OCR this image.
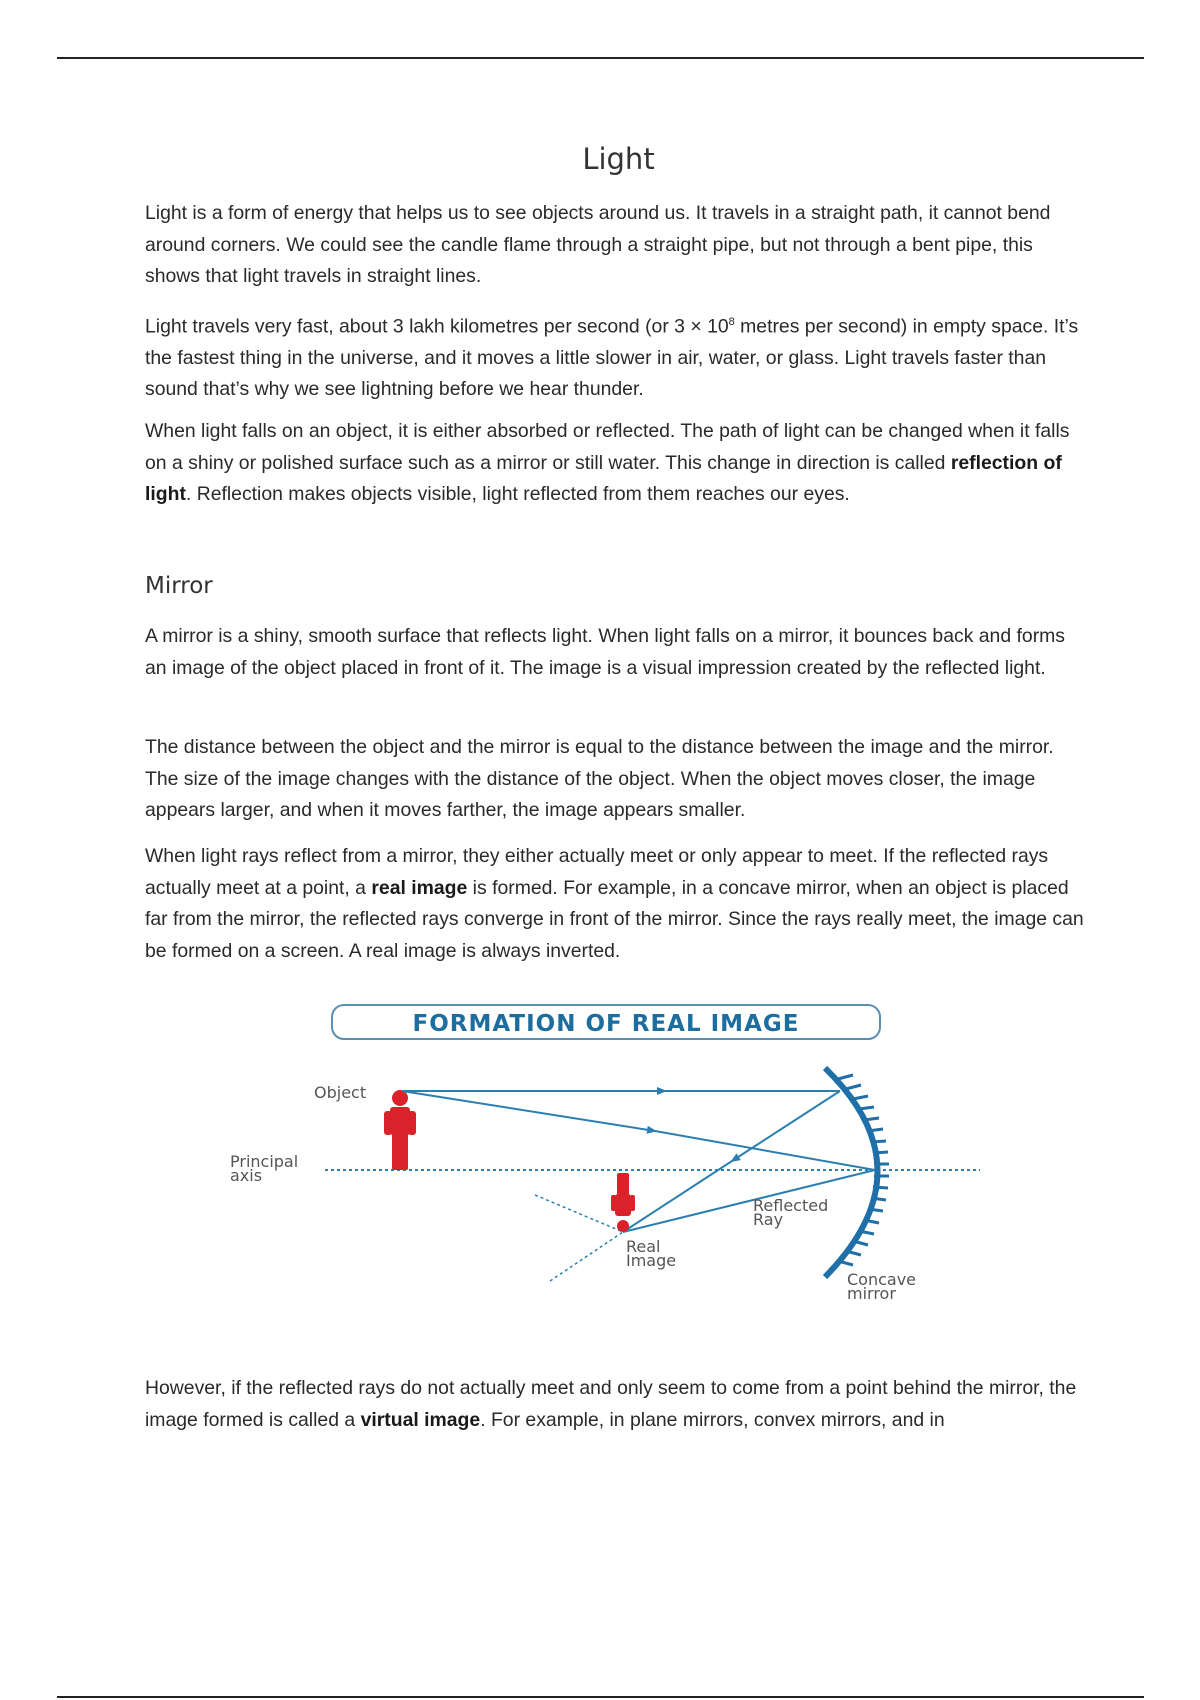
Light

Light is a form of energy that helps us to see objects around us. It travels in a straight path, it cannot bend around corners. We could see the candle flame through a straight pipe, but not through a bent pipe, this shows that light travels in straight lines.

Light travels very fast, about 3 lakh kilometres per second (or $3 \times 10^8$ metres per second) in empty space. It’s the fastest thing in the universe, and it moves a little slower in air, water, or glass. Light travels faster than sound that’s why we see lightning before we hear thunder.

When light falls on an object, it is either absorbed or reflected. The path of light can be changed when it falls on a shiny or polished surface such as a mirror or still water. This change in direction is called reflection of light. Reflection makes objects visible, light reflected from them reaches our eyes.

Mirror

A mirror is a shiny, smooth surface that reflects light. When light falls on a mirror, it bounces back and forms an image of the object placed in front of it. The image is a visual impression created by the reflected light.

The distance between the object and the mirror is equal to the distance between the image and the mirror. The size of the image changes with the distance of the object. When the object moves closer, the image appears larger, and when it moves farther, the image appears smaller.

When light rays reflect from a mirror, they either actually meet or only appear to meet. If the reflected rays actually meet at a point, a real image is formed. For example, in a concave mirror, when an object is placed far from the mirror, the reflected rays converge in front of the mirror. Since the rays really meet, the image can be formed on a screen. A real image is always inverted.

FORMATION OF REAL IMAGE
Principal
axis
Concave
mirror
Object
Real
Image
Reflected
Ray

However, if the reflected rays do not actually meet and only seem to come from a point behind the mirror, the image formed is called a virtual image. For example, in plane mirrors, convex mirrors, and in
